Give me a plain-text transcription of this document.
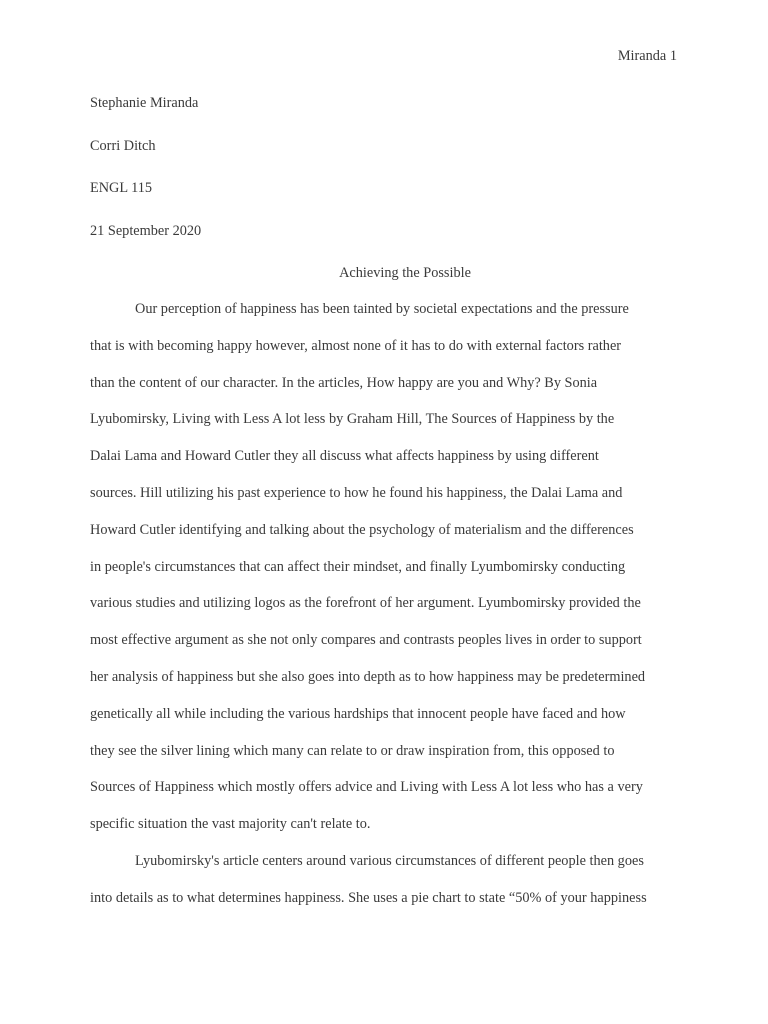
Miranda 1
Stephanie Miranda
Corri Ditch
ENGL 115
21 September 2020
Achieving the Possible
Our perception of happiness has been tainted by societal expectations and the pressure
that is with becoming happy however, almost none of it has to do with external factors rather
than the content of our character. In the articles, How happy are you and Why? By Sonia
Lyubomirsky, Living with Less A lot less by Graham Hill, The Sources of Happiness by the
Dalai Lama and Howard Cutler they all discuss what affects happiness by using different
sources. Hill utilizing his past experience to how he found his happiness, the Dalai Lama and
Howard Cutler identifying and talking about the psychology of materialism and the differences
in people's circumstances that can affect their mindset, and finally Lyumbomirsky conducting
various studies and utilizing logos as the forefront of her argument. Lyumbomirsky provided the
most effective argument as she not only compares and contrasts peoples lives in order to support
her analysis of happiness but she also goes into depth as to how happiness may be predetermined
genetically all while including the various hardships that innocent people have faced and how
they see the silver lining which many can relate to or draw inspiration from, this opposed to
Sources of Happiness which mostly offers advice and Living with Less A lot less who has a very
specific situation the vast majority can't relate to.
Lyubomirsky's article centers around various circumstances of different people then goes
into details as to what determines happiness. She uses a pie chart to state “50% of your happiness
